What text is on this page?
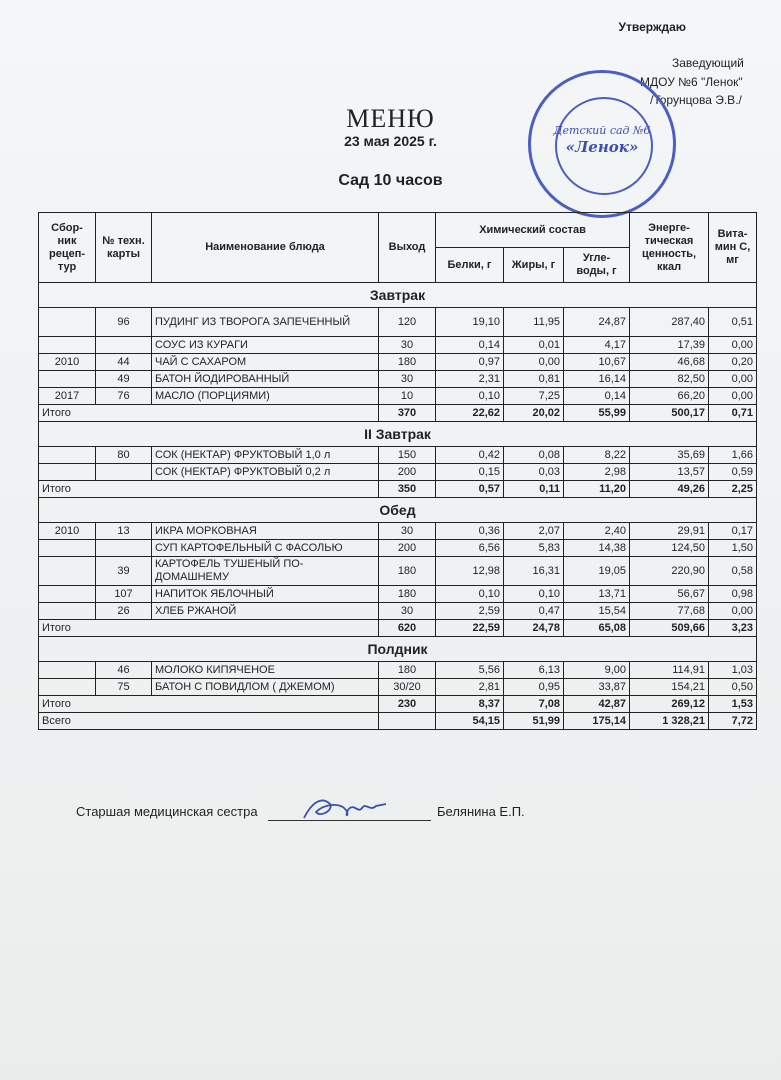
Утверждаю
Заведующий
МДОУ №6 "Ленок"
/Торунцова Э.В./
Детский сад №6
«Ленок»
МЕНЮ
23 мая 2025 г.
Сад 10 часов
Сбор-ник рецеп-тур	№ техн. карты	Наименование блюда	Выход	Химический состав			Энерге-тическая ценность, ккал	Вита-мин С, мг
				Белки, г	Жиры, г	Угле-воды, г		
Завтрак								
	96	ПУДИНГ ИЗ ТВОРОГА ЗАПЕЧЕННЫЙ	120	19,10	11,95	24,87	287,40	0,51
		СОУС ИЗ КУРАГИ	30	0,14	0,01	4,17	17,39	0,00
2010	44	ЧАЙ С САХАРОМ	180	0,97	0,00	10,67	46,68	0,20
	49	БАТОН ЙОДИРОВАННЫЙ	30	2,31	0,81	16,14	82,50	0,00
2017	76	МАСЛО (ПОРЦИЯМИ)	10	0,10	7,25	0,14	66,20	0,00
Итого			370	22,62	20,02	55,99	500,17	0,71
II Завтрак								
	80	СОК (НЕКТАР) ФРУКТОВЫЙ 1,0 л	150	0,42	0,08	8,22	35,69	1,66
		СОК (НЕКТАР) ФРУКТОВЫЙ 0,2 л	200	0,15	0,03	2,98	13,57	0,59
Итого			350	0,57	0,11	11,20	49,26	2,25
Обед								
2010	13	ИКРА МОРКОВНАЯ	30	0,36	2,07	2,40	29,91	0,17
		СУП КАРТОФЕЛЬНЫЙ С ФАСОЛЬЮ	200	6,56	5,83	14,38	124,50	1,50
	39	КАРТОФЕЛЬ ТУШЕНЫЙ ПО-ДОМАШНЕМУ	180	12,98	16,31	19,05	220,90	0,58
	107	НАПИТОК ЯБЛОЧНЫЙ	180	0,10	0,10	13,71	56,67	0,98
	26	ХЛЕБ РЖАНОЙ	30	2,59	0,47	15,54	77,68	0,00
Итого			620	22,59	24,78	65,08	509,66	3,23
Полдник								
	46	МОЛОКО КИПЯЧЕНОЕ	180	5,56	6,13	9,00	114,91	1,03
	75	БАТОН С ПОВИДЛОМ ( ДЖЕМОМ)	30/20	2,81	0,95	33,87	154,21	0,50
Итого			230	8,37	7,08	42,87	269,12	1,53
Всего				54,15	51,99	175,14	1 328,21	7,72
Старшая медицинская сестра	Белянина Е.П.
